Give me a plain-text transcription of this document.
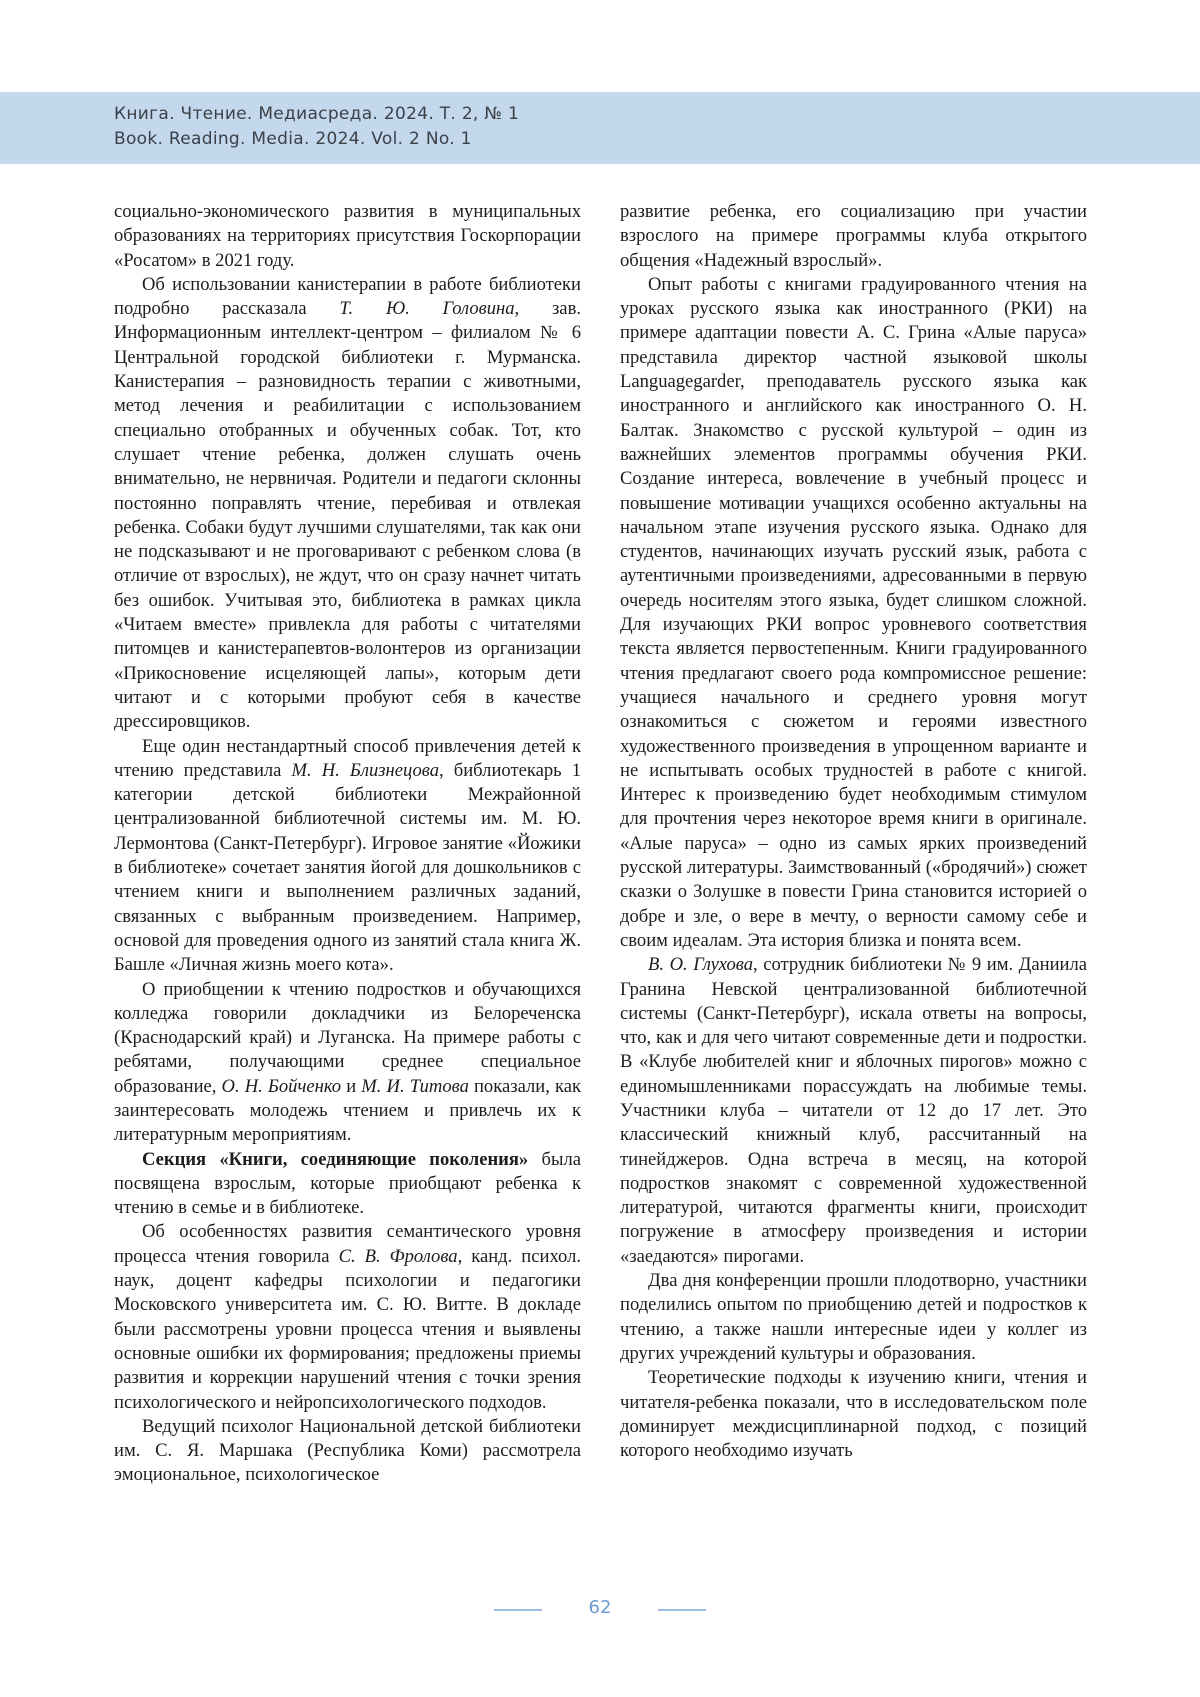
Книга. Чтение. Медиасреда. 2024. Т. 2, № 1
Book. Reading. Media. 2024. Vol. 2 No. 1

социально-экономического развития в муниципальных образованиях на территориях присутствия Госкорпорации «Росатом» в 2021 году.

Об использовании канистерапии в работе библиотеки подробно рассказала Т. Ю. Головина, зав. Информационным интеллект-центром – филиалом № 6 Центральной городской библиотеки г. Мурманска. Канистерапия – разновидность терапии с животными, метод лечения и реабилитации с использованием специально отобранных и обученных собак. Тот, кто слушает чтение ребенка, должен слушать очень внимательно, не нервничая. Родители и педагоги склонны постоянно поправлять чтение, перебивая и отвлекая ребенка. Собаки будут лучшими слушателями, так как они не подсказывают и не проговаривают с ребенком слова (в отличие от взрослых), не ждут, что он сразу начнет читать без ошибок. Учитывая это, библиотека в рамках цикла «Читаем вместе» привлекла для работы с читателями питомцев и канистерапевтов-волонтеров из организации «Прикосновение исцеляющей лапы», которым дети читают и с которыми пробуют себя в качестве дрессировщиков.

Еще один нестандартный способ привлечения детей к чтению представила М. Н. Близнецова, библиотекарь 1 категории детской библиотеки Межрайонной централизованной библиотечной системы им. М. Ю. Лермонтова (Санкт-Петербург). Игровое занятие «Йожики в библиотеке» сочетает занятия йогой для дошкольников с чтением книги и выполнением различных заданий, связанных с выбранным произведением. Например, основой для проведения одного из занятий стала книга Ж. Башле «Личная жизнь моего кота».

О приобщении к чтению подростков и обучающихся колледжа говорили докладчики из Белореченска (Краснодарский край) и Луганска. На примере работы с ребятами, получающими среднее специальное образование, О. Н. Бойченко и М. И. Титова показали, как заинтересовать молодежь чтением и привлечь их к литературным мероприятиям.

Секция «Книги, соединяющие поколения» была посвящена взрослым, которые приобщают ребенка к чтению в семье и в библиотеке.

Об особенностях развития семантического уровня процесса чтения говорила С. В. Фролова, канд. психол. наук, доцент кафедры психологии и педагогики Московского университета им. С. Ю. Витте. В докладе были рассмотрены уровни процесса чтения и выявлены основные ошибки их формирования; предложены приемы развития и коррекции нарушений чтения с точки зрения психологического и нейропсихологического подходов.

Ведущий психолог Национальной детской библиотеки им. С. Я. Маршака (Республика Коми) рассмотрела эмоциональное, психологическое

развитие ребенка, его социализацию при участии взрослого на примере программы клуба открытого общения «Надежный взрослый».

Опыт работы с книгами градуированного чтения на уроках русского языка как иностранного (РКИ) на примере адаптации повести А. С. Грина «Алые паруса» представила директор частной языковой школы Languagegarder, преподаватель русского языка как иностранного и английского как иностранного О. Н. Балтак. Знакомство с русской культурой – один из важнейших элементов программы обучения РКИ. Создание интереса, вовлечение в учебный процесс и повышение мотивации учащихся особенно актуальны на начальном этапе изучения русского языка. Однако для студентов, начинающих изучать русский язык, работа с аутентичными произведениями, адресованными в первую очередь носителям этого языка, будет слишком сложной. Для изучающих РКИ вопрос уровневого соответствия текста является первостепенным. Книги градуированного чтения предлагают своего рода компромиссное решение: учащиеся начального и среднего уровня могут ознакомиться с сюжетом и героями известного художественного произведения в упрощенном варианте и не испытывать особых трудностей в работе с книгой. Интерес к произведению будет необходимым стимулом для прочтения через некоторое время книги в оригинале. «Алые паруса» – одно из самых ярких произведений русской литературы. Заимствованный («бродячий») сюжет сказки о Золушке в повести Грина становится историей о добре и зле, о вере в мечту, о верности самому себе и своим идеалам. Эта история близка и понята всем.

В. О. Глухова, сотрудник библиотеки № 9 им. Даниила Гранина Невской централизованной библиотечной системы (Санкт-Петербург), искала ответы на вопросы, что, как и для чего читают современные дети и подростки. В «Клубе любителей книг и яблочных пирогов» можно с единомышленниками порассуждать на любимые темы. Участники клуба – читатели от 12 до 17 лет. Это классический книжный клуб, рассчитанный на тинейджеров. Одна встреча в месяц, на которой подростков знакомят с современной художественной литературой, читаются фрагменты книги, происходит погружение в атмосферу произведения и истории «заедаются» пирогами.

Два дня конференции прошли плодотворно, участники поделились опытом по приобщению детей и подростков к чтению, а также нашли интересные идеи у коллег из других учреждений культуры и образования.

Теоретические подходы к изучению книги, чтения и читателя-ребенка показали, что в исследовательском поле доминирует междисциплинарной подход, с позиций которого необходимо изучать

62
